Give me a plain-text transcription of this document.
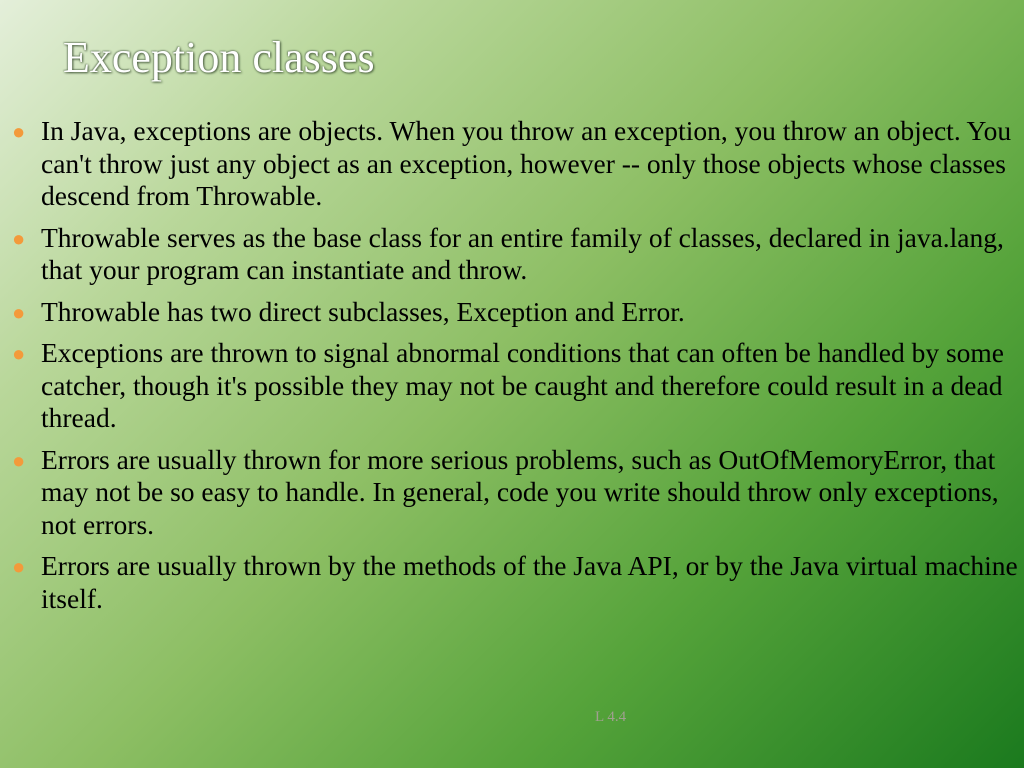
Exception classes
● In Java, exceptions are objects. When you throw an exception, you throw an object. You can't throw just any object as an exception, however -- only those objects whose classes descend from Throwable.
● Throwable serves as the base class for an entire family of classes, declared in java.lang, that your program can instantiate and throw.
● Throwable has two direct subclasses, Exception and Error.
● Exceptions are thrown to signal abnormal conditions that can often be handled by some catcher, though it's possible they may not be caught and therefore could result in a dead thread.
● Errors are usually thrown for more serious problems, such as OutOfMemoryError, that may not be so easy to handle. In general, code you write should throw only exceptions, not errors.
● Errors are usually thrown by the methods of the Java API, or by the Java virtual machine itself.
L 4.4
